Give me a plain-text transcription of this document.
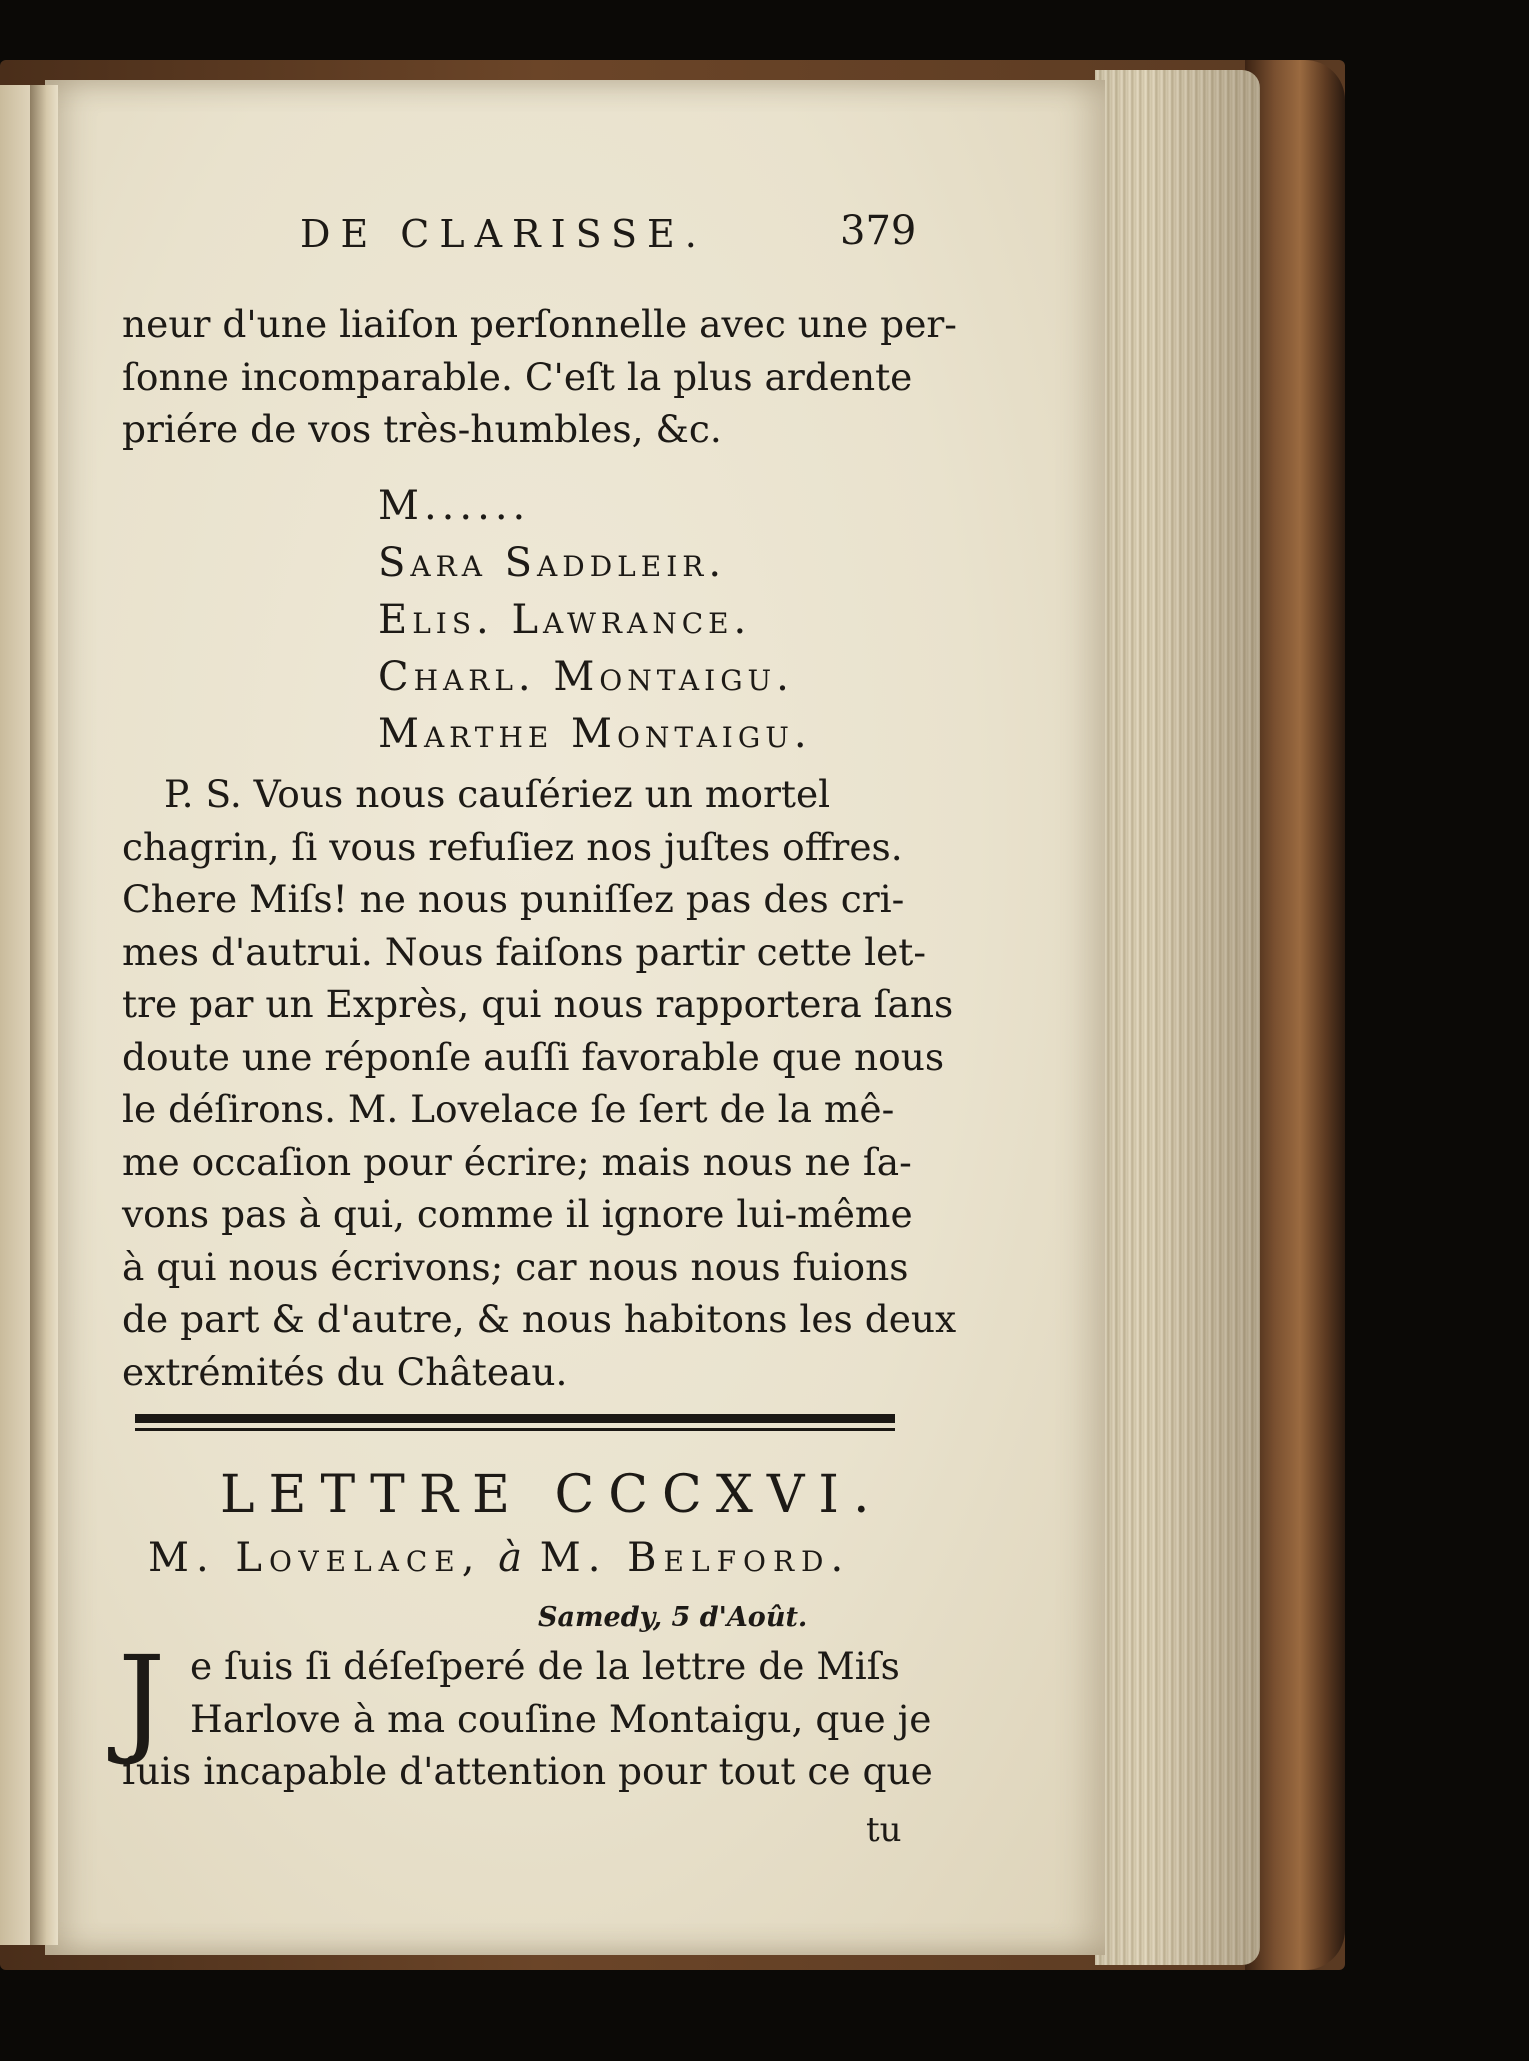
DE CLARISSE.	379
neur d'une liaiſon perſonnelle avec une per-
ſonne incomparable. C'eſt la plus ardente
priére de vos très-humbles, &c.
M......
Sara Saddleir.
Elis. Lawrance.
Charl. Montaigu.
Marthe Montaigu.
P. S. Vous nous cauſériez un mortel
chagrin, ſi vous refuſiez nos juſtes offres.
Chere Miſs! ne nous puniſſez pas des cri-
mes d'autrui. Nous faiſons partir cette let-
tre par un Exprès, qui nous rapportera ſans
doute une réponſe auſſi favorable que nous
le déſirons. M. Lovelace ſe ſert de la mê-
me occaſion pour écrire; mais nous ne ſa-
vons pas à qui, comme il ignore lui-même
à qui nous écrivons; car nous nous fuions
de part & d'autre, & nous habitons les deux
extrémités du Château.
LETTRE CCCXVI.
M. Lovelace, à M. Belford.
Samedy, 5 d'Août.
J e ſuis ſi déſeſperé de la lettre de Miſs
Harlove à ma couſine Montaigu, que je
ſuis incapable d'attention pour tout ce que
tu
